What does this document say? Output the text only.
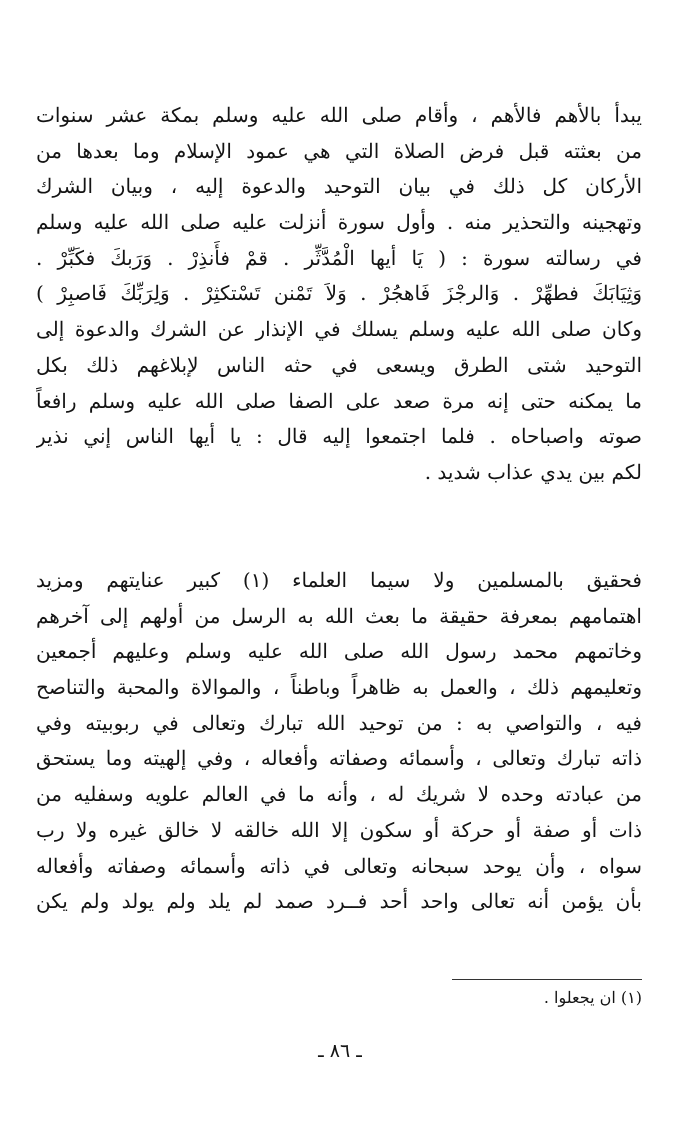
يبدأ بالأهم فالأهم ، وأقام صلى الله عليه وسلم بمكة عشر سنوات
من بعثته قبل فرض الصلاة التي هي عمود الإسلام وما بعدها من
الأركان كل ذلك في بيان التوحيد والدعوة إليه ، وبيان الشرك
وتهجينه والتحذير منه . وأول سورة أنزلت عليه صلى الله عليه وسلم
في رسالته سورة : ( يَا أيها الْمُدَّثِّر . قمْ فأَنذِرْ . وَرَبكَ فكَبِّرْ .
وَثِيَابَكَ فطهِّرْ . وَالرجْزَ فَاهجُرْ . وَلاَ تَمْنن تَسْتكثِرْ . وَلِرَبِّكَ فَاصبِرْ )
وكان صلى الله عليه وسلم يسلك في الإنذار عن الشرك والدعوة إلى
التوحيد شتى الطرق ويسعى في حثه الناس لإبلاغهم ذلك بكل
ما يمكنه حتى إنه مرة صعد على الصفا صلى الله عليه وسلم رافعاً
صوته واصباحاه . فلما اجتمعوا إليه قال : يا أيها الناس إني نذير
لكم بين يدي عذاب شديد .
فحقيق بالمسلمين ولا سيما العلماء (١) كبير عنايتهم ومزيد
اهتمامهم بمعرفة حقيقة ما بعث الله به الرسل من أولهم إلى آخرهم
وخاتمهم محمد رسول الله صلى الله عليه وسلم وعليهم أجمعين
وتعليمهم ذلك ، والعمل به ظاهراً وباطناً ، والموالاة والمحبة والتناصح
فيه ، والتواصي به : من توحيد الله تبارك وتعالى في ربوبيته وفي
ذاته تبارك وتعالى ، وأسمائه وصفاته وأفعاله ، وفي إلهيته وما يستحق
من عبادته وحده لا شريك له ، وأنه ما في العالم علويه وسفليه من
ذات أو صفة أو حركة أو سكون إلا الله خالقه لا خالق غيره ولا رب
سواه ، وأن يوحد سبحانه وتعالى في ذاته وأسمائه وصفاته وأفعاله
بأن يؤمن أنه تعالى واحد أحد فــرد صمد لم يلد ولم يولد ولم يكن
(١) ان يجعلوا .
ـ ٨٦ ـ
